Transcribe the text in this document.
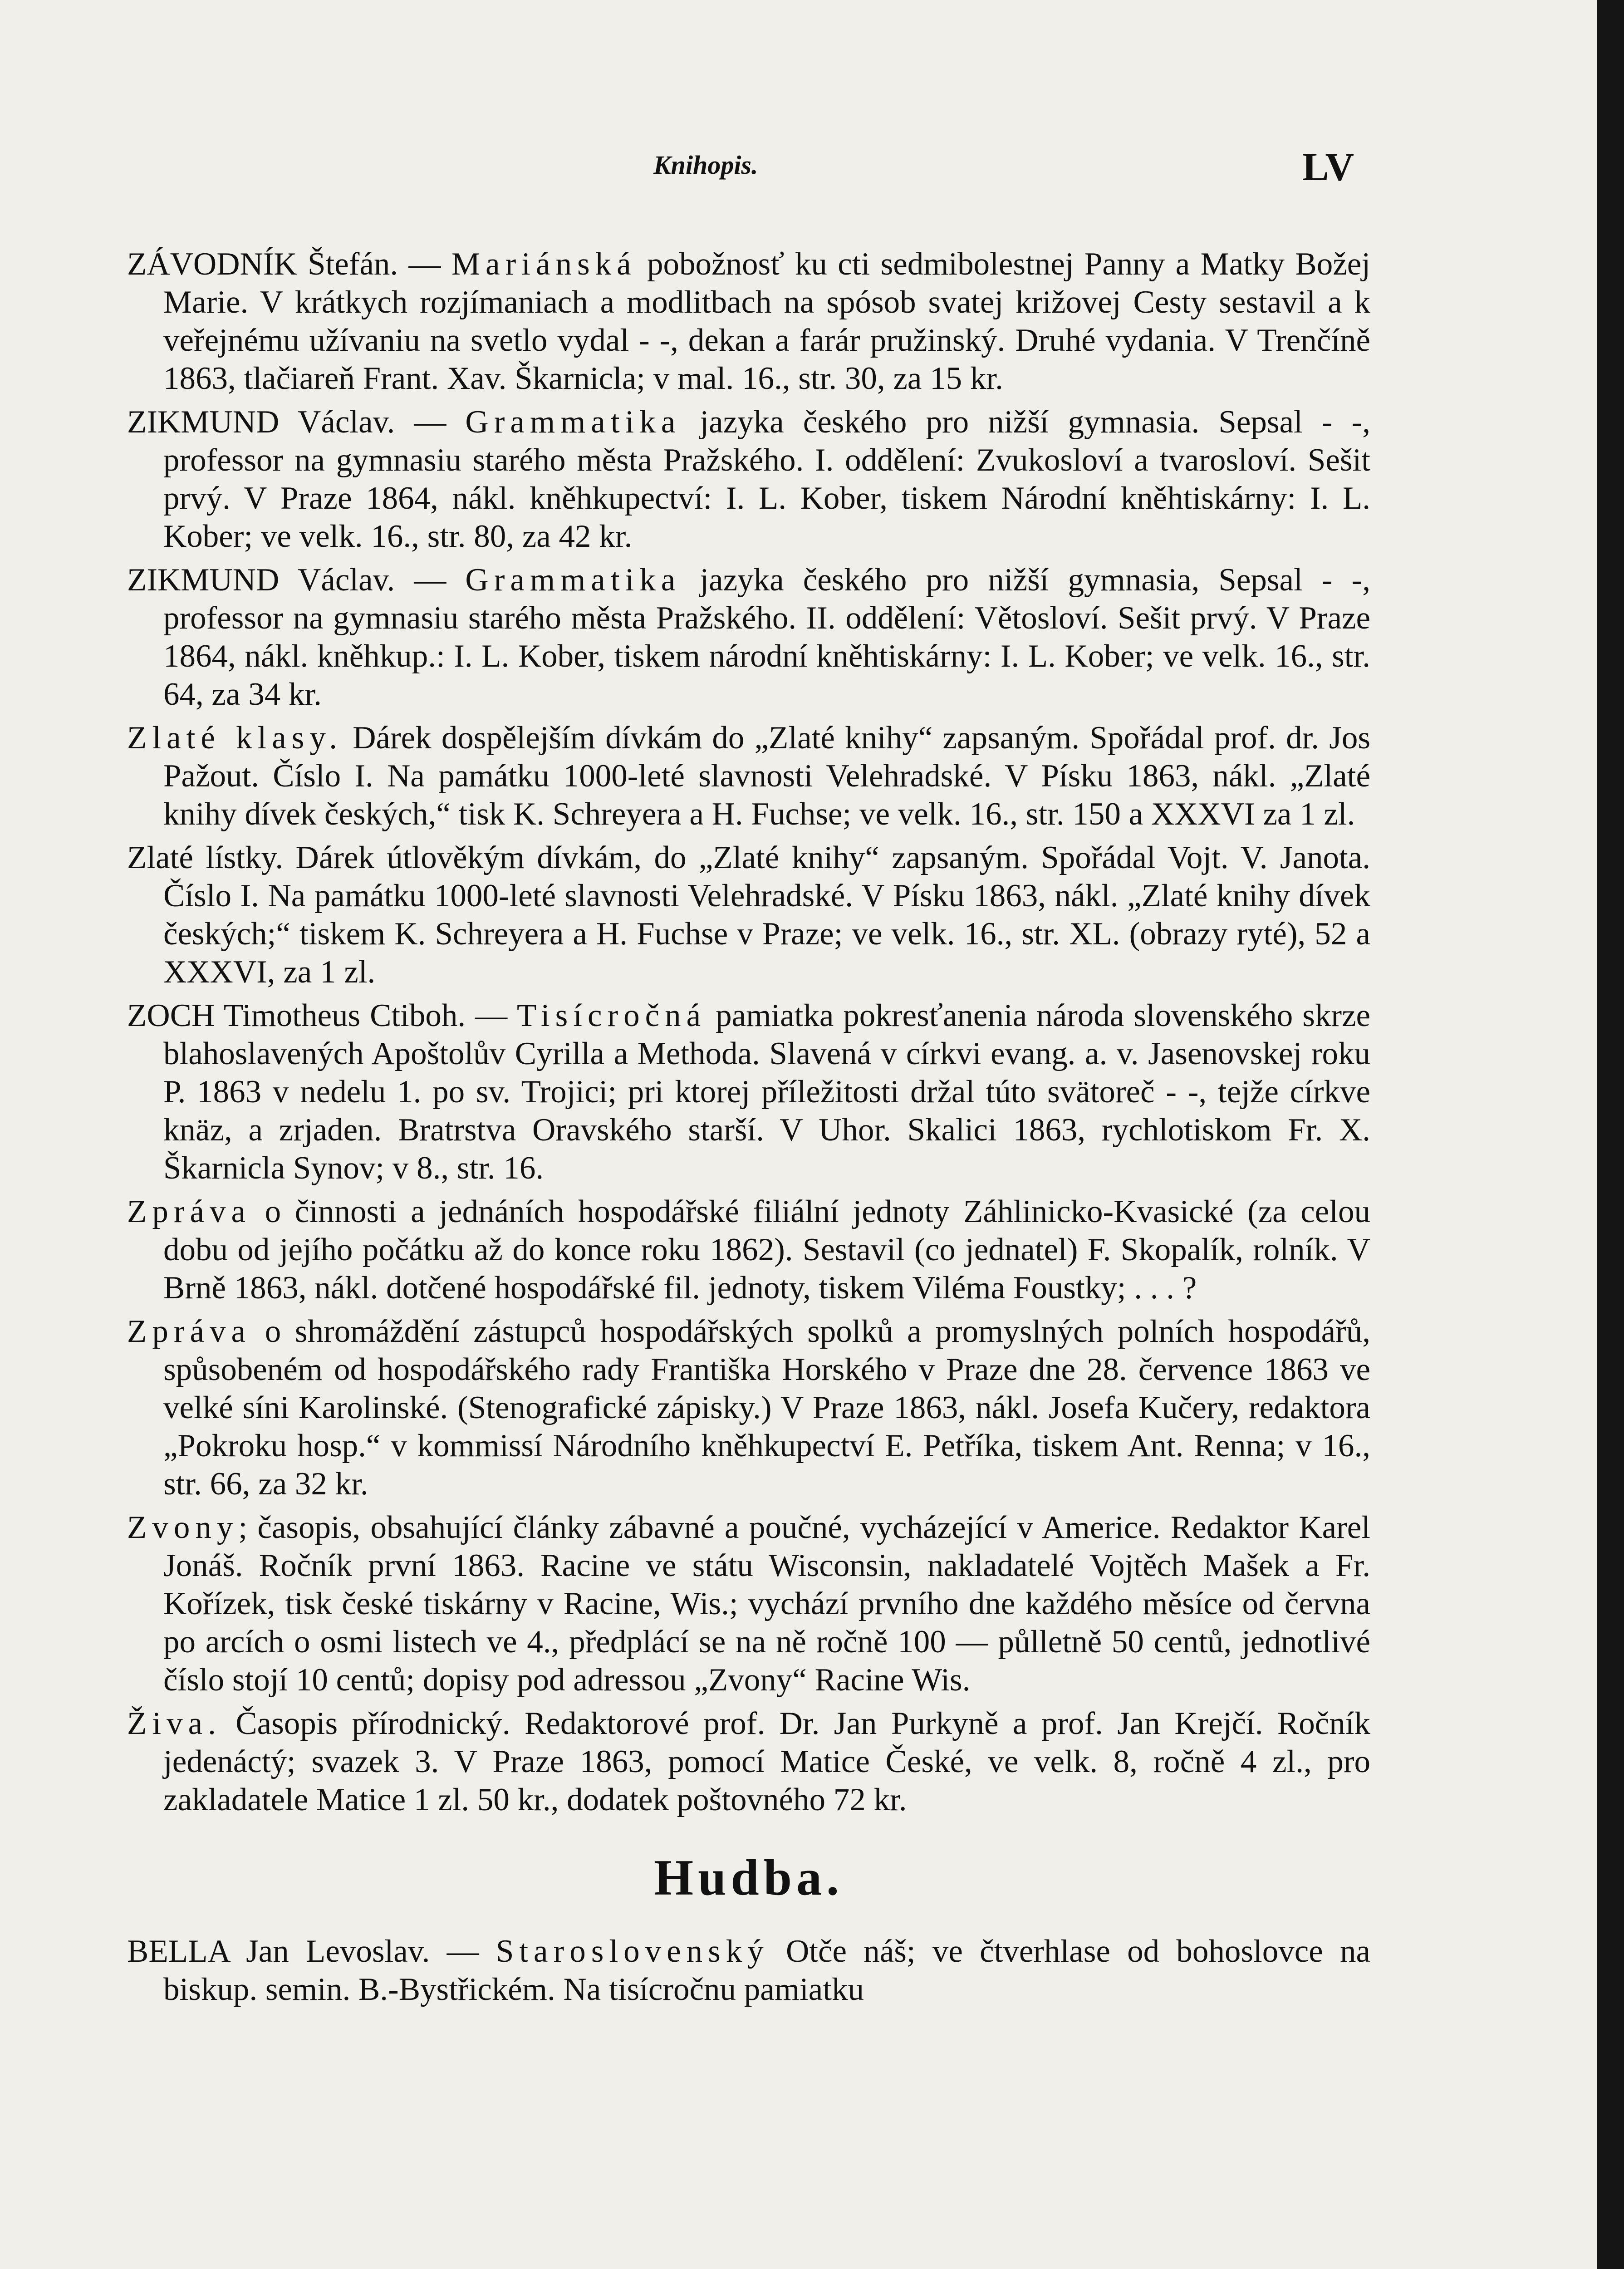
Knihopis.	LV

ZÁVODNÍK Štefán. — Mariánská pobožnosť ku cti sedmibolestnej Panny a Matky Božej Marie. V krátkych rozjímaniach a modlitbach na spósob svatej križovej Cesty sestavil a k veřejnému užívaniu na svetlo vydal - -, dekan a farár pružinský. Druhé vydania. V Trenčíně 1863, tlačiareň Frant. Xav. Škarnicla; v mal. 16., str. 30, za 15 kr.

ZIKMUND Václav. — Grammatika jazyka českého pro nižší gymnasia. Sepsal - -, professor na gymnasiu starého města Pražského. I. oddělení: Zvukosloví a tvarosloví. Sešit prvý. V Praze 1864, nákl. kněhkupectví: I. L. Kober, tiskem Národní kněhtiskárny: I. L. Kober; ve velk. 16., str. 80, za 42 kr.

ZIKMUND Václav. — Grammatika jazyka českého pro nižší gymnasia, Sepsal - -, professor na gymnasiu starého města Pražského. II. oddělení: Větosloví. Sešit prvý. V Praze 1864, nákl. kněhkup.: I. L. Kober, tiskem národní kněhtiskárny: I. L. Kober; ve velk. 16., str. 64, za 34 kr.

Zlaté klasy. Dárek dospělejším dívkám do „Zlaté knihy“ zapsaným. Spořádal prof. dr. Jos Pažout. Číslo I. Na památku 1000-leté slavnosti Velehradské. V Písku 1863, nákl. „Zlaté knihy dívek českých,“ tisk K. Schreyera a H. Fuchse; ve velk. 16., str. 150 a XXXVI za 1 zl.

Zlaté lístky. Dárek útlověkým dívkám, do „Zlaté knihy“ zapsaným. Spořádal Vojt. V. Janota. Číslo I. Na památku 1000-leté slavnosti Velehradské. V Písku 1863, nákl. „Zlaté knihy dívek českých;“ tiskem K. Schreyera a H. Fuchse v Praze; ve velk. 16., str. XL. (obrazy ryté), 52 a XXXVI, za 1 zl.

ZOCH Timotheus Ctiboh. — Tisícročná pamiatka pokresťanenia národa slovenského skrze blahoslavených Apoštolův Cyrilla a Methoda. Slavená v církvi evang. a. v. Jasenovskej roku P. 1863 v nedelu 1. po sv. Trojici; pri ktorej příležitosti držal túto svätoreč - -, tejže církve knäz, a zrjaden. Bratrstva Oravského starší. V Uhor. Skalici 1863, rychlotiskom Fr. X. Škarnicla Synov; v 8., str. 16.

Zpráva o činnosti a jednáních hospodářské filiální jednoty Záhlinicko-Kvasické (za celou dobu od jejího počátku až do konce roku 1862). Sestavil (co jednatel) F. Skopalík, rolník. V Brně 1863, nákl. dotčené hospodářské fil. jednoty, tiskem Viléma Foustky; . . . ?

Zpráva o shromáždění zástupců hospodářských spolků a promyslných polních hospodářů, spůsobeném od hospodářského rady Františka Horského v Praze dne 28. července 1863 ve velké síni Karolinské. (Stenografické zápisky.) V Praze 1863, nákl. Josefa Kučery, redaktora „Pokroku hosp.“ v kommissí Národního kněhkupectví E. Petříka, tiskem Ant. Renna; v 16., str. 66, za 32 kr.

Zvony; časopis, obsahující články zábavné a poučné, vycházející v Americe. Redaktor Karel Jonáš. Ročník první 1863. Racine ve státu Wisconsin, nakladatelé Vojtěch Mašek a Fr. Kořízek, tisk české tiskárny v Racine, Wis.; vychází prvního dne každého měsíce od června po arcích o osmi listech ve 4., předplácí se na ně ročně 100 — půlletně 50 centů, jednotlivé číslo stojí 10 centů; dopisy pod adressou „Zvony“ Racine Wis.

Živa. Časopis přírodnický. Redaktorové prof. Dr. Jan Purkyně a prof. Jan Krejčí. Ročník jedenáctý; svazek 3. V Praze 1863, pomocí Matice České, ve velk. 8, ročně 4 zl., pro zakladatele Matice 1 zl. 50 kr., dodatek poštovného 72 kr.

Hudba.

BELLA Jan Levoslav. — Staroslovenský Otče náš; ve čtverhlase od bohoslovce na biskup. semin. B.-Bystřickém. Na tisícročnu pamiatku
